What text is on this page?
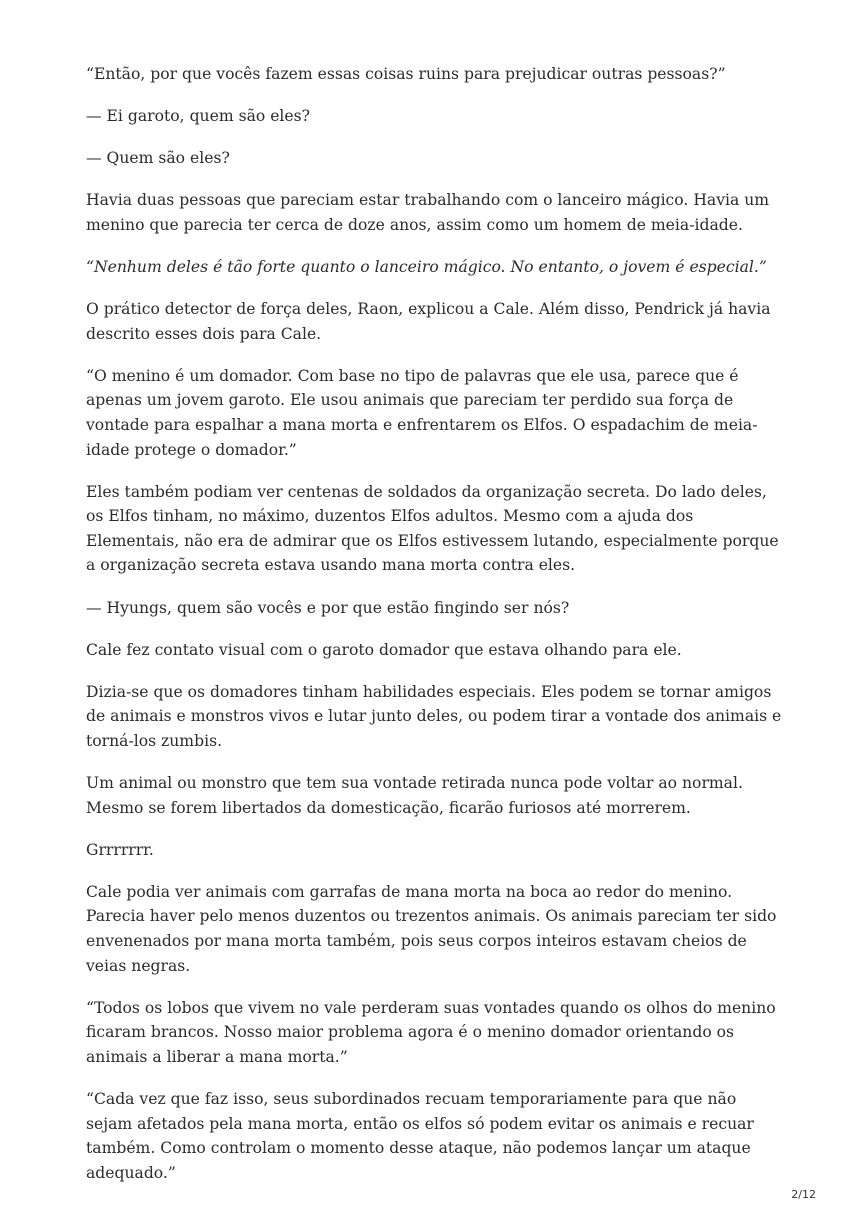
“Então, por que vocês fazem essas coisas ruins para prejudicar outras pessoas?”

— Ei garoto, quem são eles?

— Quem são eles?

Havia duas pessoas que pareciam estar trabalhando com o lanceiro mágico. Havia um menino que parecia ter cerca de doze anos, assim como um homem de meia-idade.

“Nenhum deles é tão forte quanto o lanceiro mágico. No entanto, o jovem é especial.”

O prático detector de força deles, Raon, explicou a Cale. Além disso, Pendrick já havia descrito esses dois para Cale.

“O menino é um domador. Com base no tipo de palavras que ele usa, parece que é apenas um jovem garoto. Ele usou animais que pareciam ter perdido sua força de vontade para espalhar a mana morta e enfrentarem os Elfos. O espadachim de meia-idade protege o domador.”

Eles também podiam ver centenas de soldados da organização secreta. Do lado deles, os Elfos tinham, no máximo, duzentos Elfos adultos. Mesmo com a ajuda dos Elementais, não era de admirar que os Elfos estivessem lutando, especialmente porque a organização secreta estava usando mana morta contra eles.

— Hyungs, quem são vocês e por que estão fingindo ser nós?

Cale fez contato visual com o garoto domador que estava olhando para ele.

Dizia-se que os domadores tinham habilidades especiais. Eles podem se tornar amigos de animais e monstros vivos e lutar junto deles, ou podem tirar a vontade dos animais e torná-los zumbis.

Um animal ou monstro que tem sua vontade retirada nunca pode voltar ao normal. Mesmo se forem libertados da domesticação, ficarão furiosos até morrerem.

Grrrrrrr.

Cale podia ver animais com garrafas de mana morta na boca ao redor do menino. Parecia haver pelo menos duzentos ou trezentos animais. Os animais pareciam ter sido envenenados por mana morta também, pois seus corpos inteiros estavam cheios de veias negras.

“Todos os lobos que vivem no vale perderam suas vontades quando os olhos do menino ficaram brancos. Nosso maior problema agora é o menino domador orientando os animais a liberar a mana morta.”

“Cada vez que faz isso, seus subordinados recuam temporariamente para que não sejam afetados pela mana morta, então os elfos só podem evitar os animais e recuar também. Como controlam o momento desse ataque, não podemos lançar um ataque adequado.”

2/12
